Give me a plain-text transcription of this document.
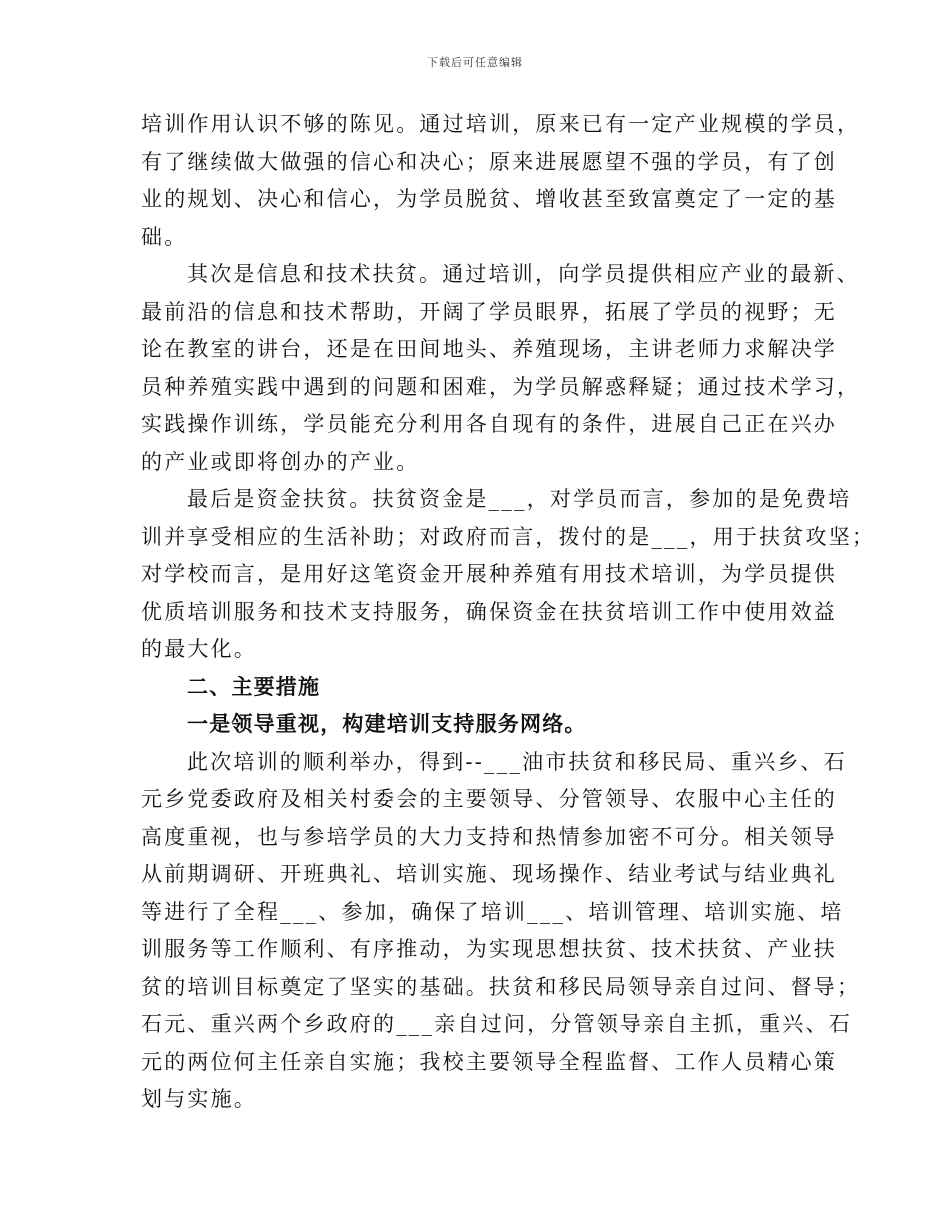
下载后可任意编辑
培训作用认识不够的陈见。通过培训，原来已有一定产业规模的学员，
有了继续做大做强的信心和决心；原来进展愿望不强的学员，有了创
业的规划、决心和信心，为学员脱贫、增收甚至致富奠定了一定的基
础。
其次是信息和技术扶贫。通过培训，向学员提供相应产业的最新、
最前沿的信息和技术帮助，开阔了学员眼界，拓展了学员的视野；无
论在教室的讲台，还是在田间地头、养殖现场，主讲老师力求解决学
员种养殖实践中遇到的问题和困难，为学员解惑释疑；通过技术学习，
实践操作训练，学员能充分利用各自现有的条件，进展自己正在兴办
的产业或即将创办的产业。
最后是资金扶贫。扶贫资金是___，对学员而言，参加的是免费培
训并享受相应的生活补助；对政府而言，拨付的是___，用于扶贫攻坚；
对学校而言，是用好这笔资金开展种养殖有用技术培训，为学员提供
优质培训服务和技术支持服务，确保资金在扶贫培训工作中使用效益
的最大化。
二、主要措施
一是领导重视，构建培训支持服务网络。
此次培训的顺利举办，得到--___油市扶贫和移民局、重兴乡、石
元乡党委政府及相关村委会的主要领导、分管领导、农服中心主任的
高度重视，也与参培学员的大力支持和热情参加密不可分。相关领导
从前期调研、开班典礼、培训实施、现场操作、结业考试与结业典礼
等进行了全程___、参加，确保了培训___、培训管理、培训实施、培
训服务等工作顺利、有序推动，为实现思想扶贫、技术扶贫、产业扶
贫的培训目标奠定了坚实的基础。扶贫和移民局领导亲自过问、督导；
石元、重兴两个乡政府的___亲自过问，分管领导亲自主抓，重兴、石
元的两位何主任亲自实施；我校主要领导全程监督、工作人员精心策
划与实施。
